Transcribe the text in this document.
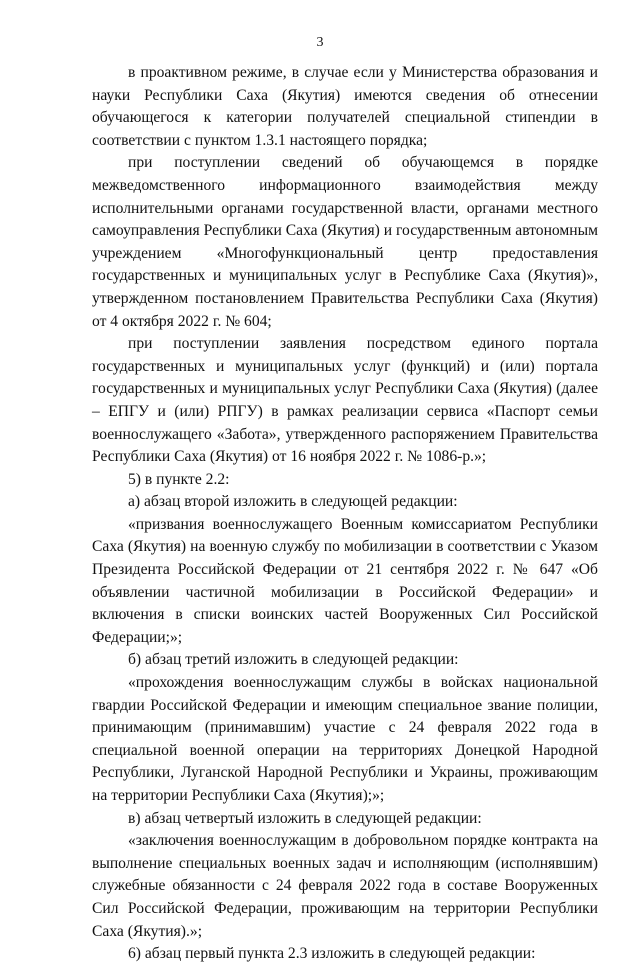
3

в проактивном режиме, в случае если у Министерства образования и науки Республики Саха (Якутия) имеются сведения об отнесении обучающегося к категории получателей специальной стипендии в соответствии с пунктом 1.3.1 настоящего порядка;

при поступлении сведений об обучающемся в порядке межведомственного информационного взаимодействия между исполнительными органами государственной власти, органами местного самоуправления Республики Саха (Якутия) и государственным автономным учреждением «Многофункциональный центр предоставления государственных и муниципальных услуг в Республике Саха (Якутия)», утвержденном постановлением Правительства Республики Саха (Якутия) от 4 октября 2022 г. № 604;

при поступлении заявления посредством единого портала государственных и муниципальных услуг (функций) и (или) портала государственных и муниципальных услуг Республики Саха (Якутия) (далее – ЕПГУ и (или) РПГУ) в рамках реализации сервиса «Паспорт семьи военнослужащего «Забота», утвержденного распоряжением Правительства Республики Саха (Якутия) от 16 ноября 2022 г. № 1086-р.»;

5) в пункте 2.2:

а) абзац второй изложить в следующей редакции:

«призвания военнослужащего Военным комиссариатом Республики Саха (Якутия) на военную службу по мобилизации в соответствии с Указом Президента Российской Федерации от 21 сентября 2022 г. № 647 «Об объявлении частичной мобилизации в Российской Федерации» и включения в списки воинских частей Вооруженных Сил Российской Федерации;»;

б) абзац третий изложить в следующей редакции:

«прохождения военнослужащим службы в войсках национальной гвардии Российской Федерации и имеющим специальное звание полиции, принимающим (принимавшим) участие с 24 февраля 2022 года в специальной военной операции на территориях Донецкой Народной Республики, Луганской Народной Республики и Украины, проживающим на территории Республики Саха (Якутия);»;

в) абзац четвертый изложить в следующей редакции:

«заключения военнослужащим в добровольном порядке контракта на выполнение специальных военных задач и исполняющим (исполнявшим) служебные обязанности с 24 февраля 2022 года в составе Вооруженных Сил Российской Федерации, проживающим на территории Республики Саха (Якутия).»;

6) абзац первый пункта 2.3 изложить в следующей редакции:
